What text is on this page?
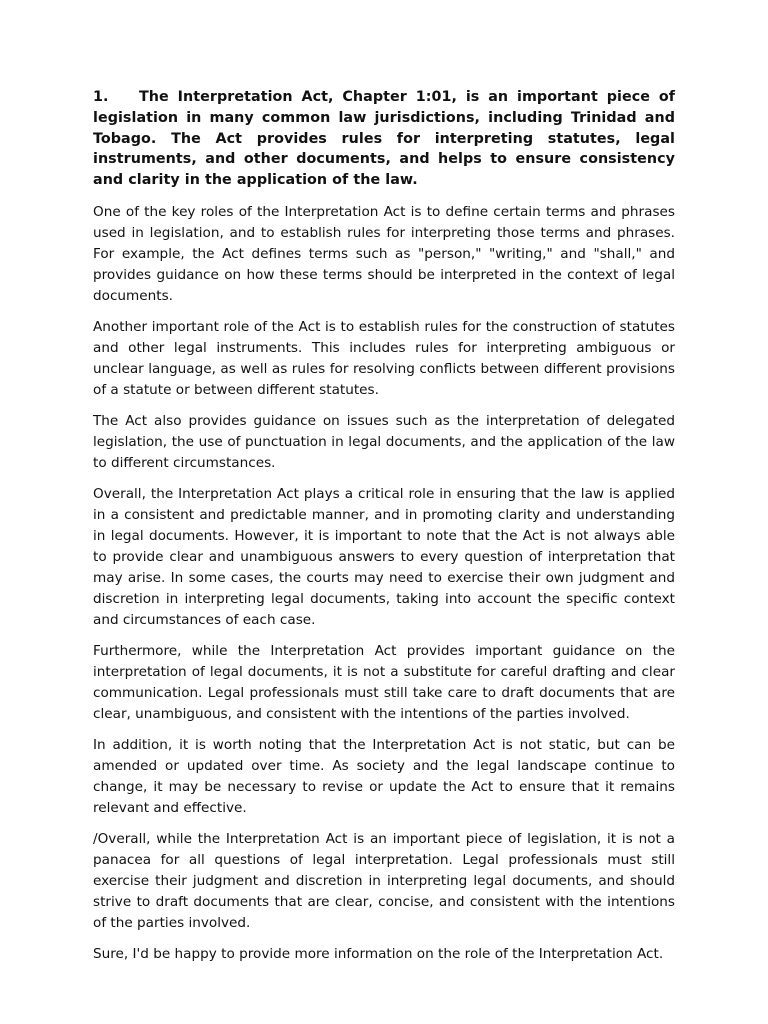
1. The Interpretation Act, Chapter 1:01, is an important piece of legislation in many common law jurisdictions, including Trinidad and Tobago. The Act provides rules for interpreting statutes, legal instruments, and other documents, and helps to ensure consistency and clarity in the application of the law.

One of the key roles of the Interpretation Act is to define certain terms and phrases used in legislation, and to establish rules for interpreting those terms and phrases. For example, the Act defines terms such as "person," "writing," and "shall," and provides guidance on how these terms should be interpreted in the context of legal documents.

Another important role of the Act is to establish rules for the construction of statutes and other legal instruments. This includes rules for interpreting ambiguous or unclear language, as well as rules for resolving conflicts between different provisions of a statute or between different statutes.

The Act also provides guidance on issues such as the interpretation of delegated legislation, the use of punctuation in legal documents, and the application of the law to different circumstances.

Overall, the Interpretation Act plays a critical role in ensuring that the law is applied in a consistent and predictable manner, and in promoting clarity and understanding in legal documents. However, it is important to note that the Act is not always able to provide clear and unambiguous answers to every question of interpretation that may arise. In some cases, the courts may need to exercise their own judgment and discretion in interpreting legal documents, taking into account the specific context and circumstances of each case.

Furthermore, while the Interpretation Act provides important guidance on the interpretation of legal documents, it is not a substitute for careful drafting and clear communication. Legal professionals must still take care to draft documents that are clear, unambiguous, and consistent with the intentions of the parties involved.

In addition, it is worth noting that the Interpretation Act is not static, but can be amended or updated over time. As society and the legal landscape continue to change, it may be necessary to revise or update the Act to ensure that it remains relevant and effective.

/Overall, while the Interpretation Act is an important piece of legislation, it is not a panacea for all questions of legal interpretation. Legal professionals must still exercise their judgment and discretion in interpreting legal documents, and should strive to draft documents that are clear, concise, and consistent with the intentions of the parties involved.

Sure, I'd be happy to provide more information on the role of the Interpretation Act.
